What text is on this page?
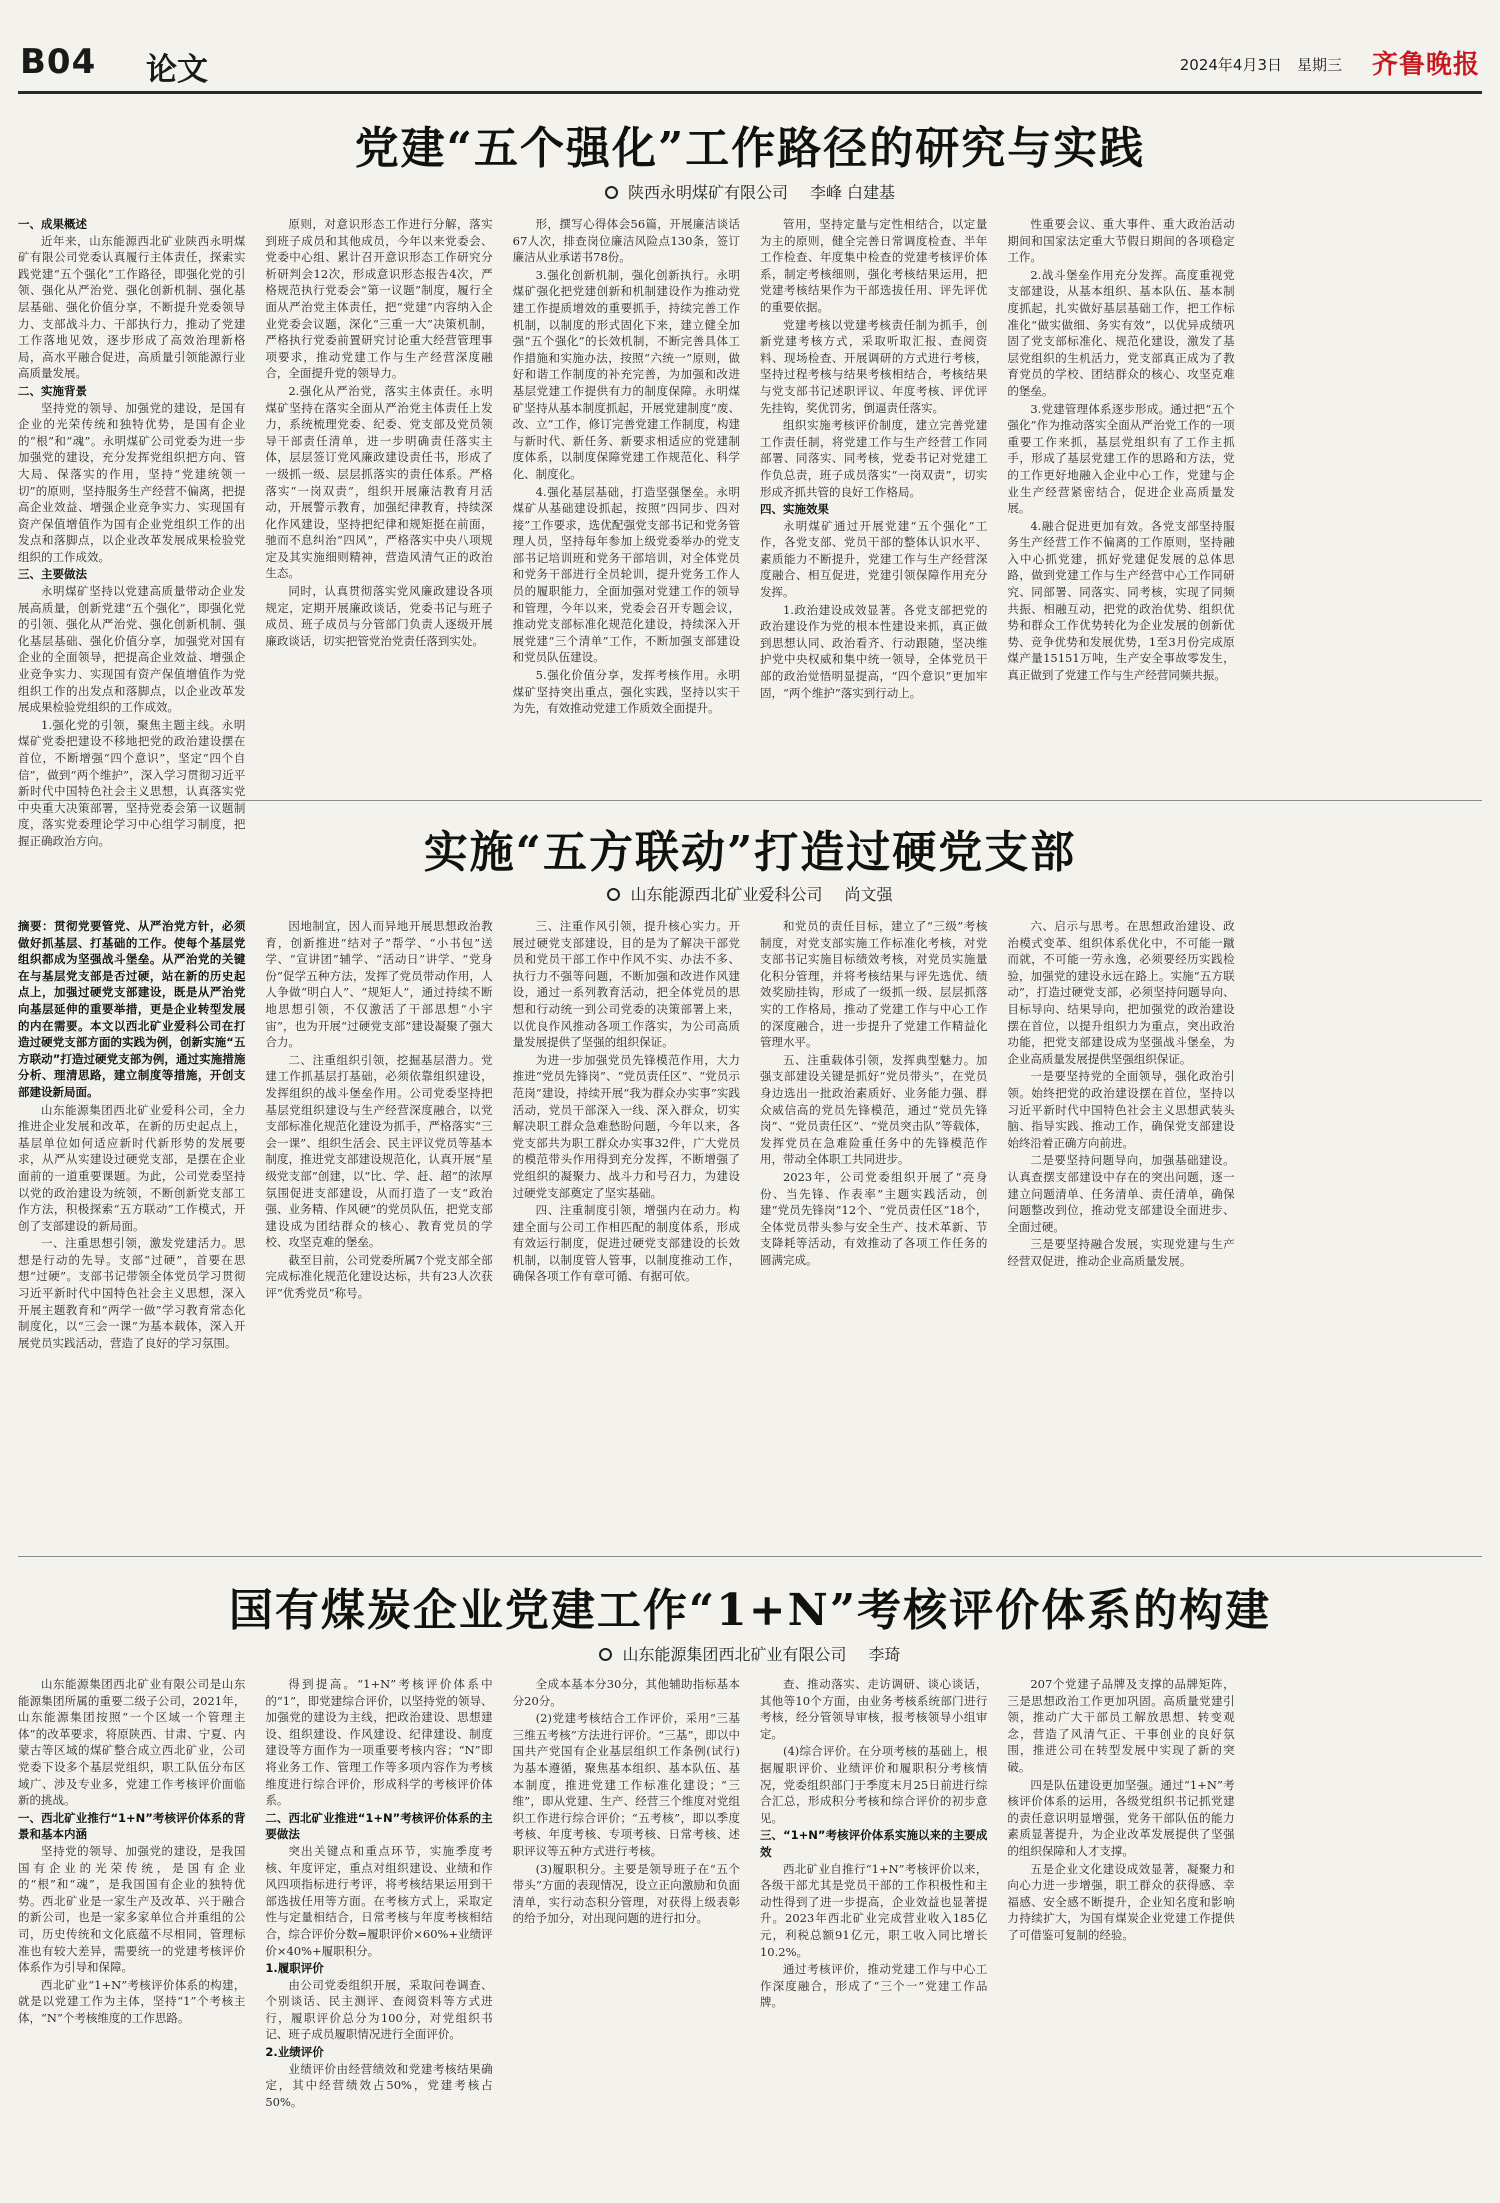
B04 论文	2024年4月3日 星期三 齐鲁晚报
党建“五个强化”工作路径的研究与实践
陕西永明煤矿有限公司 李峰 白建基
一、成果概述

近年来，山东能源西北矿业陕西永明煤矿有限公司党委认真履行主体责任，探索实践党建“五个强化”工作路径，即强化党的引领、强化从严治党、强化创新机制、强化基层基础、强化价值分享，不断提升党委领导力、支部战斗力、干部执行力，推动了党建工作落地见效，逐步形成了高效治理新格局，高水平融合促进，高质量引领能源行业高质量发展。

二、实施背景

坚持党的领导、加强党的建设，是国有企业的光荣传统和独特优势，是国有企业的“根”和“魂”。永明煤矿公司党委为进一步加强党的建设，充分发挥党组织把方向、管大局、保落实的作用，坚持“党建统领一切”的原则，坚持服务生产经营不偏离，把提高企业效益、增强企业竞争实力、实现国有资产保值增值作为国有企业党组织工作的出发点和落脚点，以企业改革发展成果检验党组织的工作成效。

三、主要做法

永明煤矿坚持以党建高质量带动企业发展高质量，创新党建“五个强化”，即强化党的引领、强化从严治党、强化创新机制、强化基层基础、强化价值分享，加强党对国有企业的全面领导，把提高企业效益、增强企业竞争实力、实现国有资产保值增值作为党组织工作的出发点和落脚点，以企业改革发展成果检验党组织的工作成效。

1.强化党的引领，聚焦主题主线。永明煤矿党委把建设不移地把党的政治建设摆在首位，不断增强“四个意识”，坚定“四个自信”，做到“两个维护”，深入学习贯彻习近平新时代中国特色社会主义思想，认真落实党中央重大决策部署，坚持党委会第一议题制度，落实党委理论学习中心组学习制度，把握正确政治方向。

原则，对意识形态工作进行分解，落实到班子成员和其他成员，今年以来党委会、党委中心组、累计召开意识形态工作研究分析研判会12次，形成意识形态报告4次，严格规范执行党委会“第一议题”制度，履行全面从严治党主体责任，把“党建”内容纳入企业党委会议题，深化“三重一大”决策机制，严格执行党委前置研究讨论重大经营管理事项要求，推动党建工作与生产经营深度融合，全面提升党的领导力。

2.强化从严治党，落实主体责任。永明煤矿坚持在落实全面从严治党主体责任上发力，系统梳理党委、纪委、党支部及党员领导干部责任清单，进一步明确责任落实主体，层层签订党风廉政建设责任书，形成了一级抓一级、层层抓落实的责任体系。严格落实“一岗双责”，组织开展廉洁教育月活动，开展警示教育，加强纪律教育，持续深化作风建设，坚持把纪律和规矩挺在前面，驰而不息纠治“四风”，严格落实中央八项规定及其实施细则精神，营造风清气正的政治生态。

同时，认真贯彻落实党风廉政建设各项规定，定期开展廉政谈话，党委书记与班子成员、班子成员与分管部门负责人逐级开展廉政谈话，切实把管党治党责任落到实处。

形，撰写心得体会56篇，开展廉洁谈话67人次，排查岗位廉洁风险点130条，签订廉洁从业承诺书78份。

3.强化创新机制，强化创新执行。永明煤矿强化把党建创新和机制建设作为推动党建工作提质增效的重要抓手，持续完善工作机制，以制度的形式固化下来，建立健全加强“五个强化”的长效机制，不断完善具体工作措施和实施办法，按照“六统一”原则，做好和谐工作制度的补充完善，为加强和改进基层党建工作提供有力的制度保障。永明煤矿坚持从基本制度抓起，开展党建制度“废、改、立”工作，修订完善党建工作制度，构建与新时代、新任务、新要求相适应的党建制度体系，以制度保障党建工作规范化、科学化、制度化。

4.强化基层基础，打造坚强堡垒。永明煤矿从基础建设抓起，按照“四同步、四对接”工作要求，选优配强党支部书记和党务管理人员，坚持每年参加上级党委举办的党支部书记培训班和党务干部培训，对全体党员和党务干部进行全员轮训，提升党务工作人员的履职能力，全面加强对党建工作的领导和管理，今年以来，党委会召开专题会议，推动党支部标准化规范化建设，持续深入开展党建“三个清单”工作，不断加强支部建设和党员队伍建设。

5.强化价值分享，发挥考核作用。永明煤矿坚持突出重点，强化实践，坚持以实干为先，有效推动党建工作质效全面提升。

管用，坚持定量与定性相结合，以定量为主的原则，健全完善日常调度检查、半年工作检查、年度集中检查的党建考核评价体系，制定考核细则，强化考核结果运用，把党建考核结果作为干部选拔任用、评先评优的重要依据。

党建考核以党建考核责任制为抓手，创新党建考核方式，采取听取汇报、查阅资料、现场检查、开展调研的方式进行考核，坚持过程考核与结果考核相结合，考核结果与党支部书记述职评议、年度考核、评优评先挂钩，奖优罚劣，倒逼责任落实。

组织实施考核评价制度，建立完善党建工作责任制，将党建工作与生产经营工作同部署、同落实、同考核，党委书记对党建工作负总责，班子成员落实“一岗双责”，切实形成齐抓共管的良好工作格局。

四、实施效果

永明煤矿通过开展党建“五个强化”工作，各党支部、党员干部的整体认识水平、素质能力不断提升，党建工作与生产经营深度融合、相互促进，党建引领保障作用充分发挥。

1.政治建设成效显著。各党支部把党的政治建设作为党的根本性建设来抓，真正做到思想认同、政治看齐、行动跟随，坚决维护党中央权威和集中统一领导，全体党员干部的政治觉悟明显提高，“四个意识”更加牢固，“两个维护”落实到行动上。

性重要会议、重大事件、重大政治活动期间和国家法定重大节假日期间的各项稳定工作。

2.战斗堡垒作用充分发挥。高度重视党支部建设，从基本组织、基本队伍、基本制度抓起，扎实做好基层基础工作，把工作标准化“做实做细、务实有效”，以优异成绩巩固了党支部标准化、规范化建设，激发了基层党组织的生机活力，党支部真正成为了教育党员的学校、团结群众的核心、攻坚克难的堡垒。

3.党建管理体系逐步形成。通过把“五个强化”作为推动落实全面从严治党工作的一项重要工作来抓，基层党组织有了工作主抓手，形成了基层党建工作的思路和方法，党的工作更好地融入企业中心工作，党建与企业生产经营紧密结合，促进企业高质量发展。

4.融合促进更加有效。各党支部坚持服务生产经营工作不偏离的工作原则，坚持融入中心抓党建，抓好党建促发展的总体思路，做到党建工作与生产经营中心工作同研究、同部署、同落实、同考核，实现了同频共振、相融互动，把党的政治优势、组织优势和群众工作优势转化为企业发展的创新优势、竞争优势和发展优势，1至3月份完成原煤产量15151万吨，生产安全事故零发生，真正做到了党建工作与生产经营同频共振。

实施“五方联动”打造过硬党支部
山东能源西北矿业爱科公司 尚文强

摘要：贯彻党要管党、从严治党方针，必须做好抓基层、打基础的工作。使每个基层党组织都成为坚强战斗堡垒。从严治党的关键在与基层党支部是否过硬，站在新的历史起点上，加强过硬党支部建设，既是从严治党向基层延伸的重要举措，更是企业转型发展的内在需要。本文以西北矿业爱科公司在打造过硬党支部方面的实践为例，创新实施“五方联动”打造过硬党支部为例，通过实施措施分析、理清思路，建立制度等措施，开创支部建设新局面。

山东能源集团西北矿业爱科公司，全力推进企业发展和改革，在新的历史起点上，基层单位如何适应新时代新形势的发展要求，从严从实建设过硬党支部，是摆在企业面前的一道重要课题。为此，公司党委坚持以党的政治建设为统领，不断创新党支部工作方法，积极探索“五方联动”工作模式，开创了支部建设的新局面。

一、注重思想引领，激发党建活力。思想是行动的先导。支部“过硬”，首要在思想“过硬”。支部书记带领全体党员学习贯彻习近平新时代中国特色社会主义思想，深入开展主题教育和“两学一做”学习教育常态化制度化，以“三会一课”为基本载体，深入开展党员实践活动，营造了良好的学习氛围。

因地制宜，因人而异地开展思想政治教育，创新推进“结对子”帮学、“小书包”送学、“宣讲团”辅学、“活动日”讲学、“党身份”促学五种方法，发挥了党员带动作用，人人争做“明白人”、“规矩人”，通过持续不断地思想引领，不仅激活了干部思想“小宇宙”，也为开展“过硬党支部”建设凝聚了强大合力。

二、注重组织引领，挖掘基层潜力。党建工作抓基层打基础，必须依靠组织建设，发挥组织的战斗堡垒作用。公司党委坚持把基层党组织建设与生产经营深度融合，以党支部标准化规范化建设为抓手，严格落实“三会一课”、组织生活会、民主评议党员等基本制度，推进党支部建设规范化，认真开展“星级党支部”创建，以“比、学、赶、超”的浓厚氛围促进支部建设，从而打造了一支“政治强、业务精、作风硬”的党员队伍，把党支部建设成为团结群众的核心、教育党员的学校、攻坚克难的堡垒。

截至目前，公司党委所属7个党支部全部完成标准化规范化建设达标，共有23人次获评“优秀党员”称号。

三、注重作风引领，提升核心实力。开展过硬党支部建设，目的是为了解决干部党员和党员干部工作中作风不实、办法不多、执行力不强等问题，不断加强和改进作风建设，通过一系列教育活动，把全体党员的思想和行动统一到公司党委的决策部署上来，以优良作风推动各项工作落实，为公司高质量发展提供了坚强的组织保证。

为进一步加强党员先锋模范作用，大力推进“党员先锋岗”、“党员责任区”、“党员示范岗”建设，持续开展“我为群众办实事”实践活动，党员干部深入一线、深入群众，切实解决职工群众急难愁盼问题，今年以来，各党支部共为职工群众办实事32件，广大党员的模范带头作用得到充分发挥，不断增强了党组织的凝聚力、战斗力和号召力，为建设过硬党支部奠定了坚实基础。

四、注重制度引领，增强内在动力。构建全面与公司工作相匹配的制度体系，形成有效运行制度，促进过硬党支部建设的长效机制，以制度管人管事，以制度推动工作，确保各项工作有章可循、有据可依。

和党员的责任目标，建立了“三级”考核制度，对党支部实施工作标准化考核，对党支部书记实施目标绩效考核，对党员实施量化积分管理，并将考核结果与评先选优、绩效奖励挂钩，形成了一级抓一级、层层抓落实的工作格局，推动了党建工作与中心工作的深度融合，进一步提升了党建工作精益化管理水平。

五、注重载体引领，发挥典型魅力。加强支部建设关键是抓好“党员带头”，在党员身边选出一批政治素质好、业务能力强、群众威信高的党员先锋模范，通过“党员先锋岗”、“党员责任区”、“党员突击队”等载体，发挥党员在急难险重任务中的先锋模范作用，带动全体职工共同进步。

2023年，公司党委组织开展了“亮身份、当先锋、作表率”主题实践活动，创建“党员先锋岗”12个、“党员责任区”18个，全体党员带头参与安全生产、技术革新、节支降耗等活动，有效推动了各项工作任务的圆满完成。

六、启示与思考。在思想政治建设、政治模式变革、组织体系优化中，不可能一蹴而就，不可能一劳永逸，必须要经历实践检验，加强党的建设永远在路上。实施“五方联动”，打造过硬党支部，必须坚持问题导向、目标导向、结果导向，把加强党的政治建设摆在首位，以提升组织力为重点，突出政治功能，把党支部建设成为坚强战斗堡垒，为企业高质量发展提供坚强组织保证。

一是要坚持党的全面领导，强化政治引领。始终把党的政治建设摆在首位，坚持以习近平新时代中国特色社会主义思想武装头脑、指导实践、推动工作，确保党支部建设始终沿着正确方向前进。

二是要坚持问题导向，加强基础建设。认真查摆支部建设中存在的突出问题，逐一建立问题清单、任务清单、责任清单，确保问题整改到位，推动党支部建设全面进步、全面过硬。

三是要坚持融合发展，实现党建与生产经营双促进，推动企业高质量发展。

国有煤炭企业党建工作“1+N”考核评价体系的构建
山东能源集团西北矿业有限公司 李琦

山东能源集团西北矿业有限公司是山东能源集团所属的重要二级子公司，2021年，山东能源集团按照“一个区域一个管理主体”的改革要求，将原陕西、甘肃、宁夏、内蒙古等区域的煤矿整合成立西北矿业，公司党委下设多个基层党组织，职工队伍分布区域广、涉及专业多，党建工作考核评价面临新的挑战。

一、西北矿业推行“1+N”考核评价体系的背景和基本内涵

坚持党的领导、加强党的建设，是我国国有企业的光荣传统，是国有企业的“根”和“魂”，是我国国有企业的独特优势。西北矿业是一家生产及改革、兴于融合的新公司，也是一家多家单位合并重组的公司，历史传统和文化底蕴不尽相同，管理标准也有较大差异，需要统一的党建考核评价体系作为引导和保障。

西北矿业“1+N”考核评价体系的构建，就是以党建工作为主体，坚持“1”个考核主体，“N”个考核维度的工作思路。

得到提高。“1+N”考核评价体系中的“1”，即党建综合评价，以坚持党的领导、加强党的建设为主线，把政治建设、思想建设、组织建设、作风建设、纪律建设、制度建设等方面作为一项重要考核内容；“N”即将业务工作、管理工作等多项内容作为考核维度进行综合评价，形成科学的考核评价体系。

二、西北矿业推进“1+N”考核评价体系的主要做法

突出关键点和重点环节，实施季度考核、年度评定，重点对组织建设、业绩和作风四项指标进行考评，将考核结果运用到干部选拔任用等方面。在考核方式上，采取定性与定量相结合，日常考核与年度考核相结合，综合评价分数=履职评价×60%+业绩评价×40%+履职积分。

1.履职评价

由公司党委组织开展，采取问卷调查、个别谈话、民主测评、查阅资料等方式进行，履职评价总分为100分，对党组织书记、班子成员履职情况进行全面评价。

2.业绩评价

业绩评价由经营绩效和党建考核结果确定，其中经营绩效占50%，党建考核占50%。

全成本基本分30分，其他辅助指标基本分20分。

(2)党建考核结合工作评价，采用“三基三维五考核”方法进行评价。“三基”，即以中国共产党国有企业基层组织工作条例(试行)为基本遵循，聚焦基本组织、基本队伍、基本制度，推进党建工作标准化建设；“三维”，即从党建、生产、经营三个维度对党组织工作进行综合评价；“五考核”，即以季度考核、年度考核、专项考核、日常考核、述职评议等五种方式进行考核。

(3)履职积分。主要是领导班子在“五个带头”方面的表现情况，设立正向激励和负面清单，实行动态积分管理，对获得上级表彰的给予加分，对出现问题的进行扣分。

查、推动落实、走访调研、谈心谈话，其他等10个方面，由业务考核系统部门进行考核，经分管领导审核，报考核领导小组审定。

(4)综合评价。在分项考核的基础上，根据履职评价、业绩评价和履职积分考核情况，党委组织部门于季度末月25日前进行综合汇总，形成积分考核和综合评价的初步意见。

三、“1+N”考核评价体系实施以来的主要成效

西北矿业自推行“1+N”考核评价以来，各级干部尤其是党员干部的工作积极性和主动性得到了进一步提高，企业效益也显著提升。2023年西北矿业完成营业收入185亿元，利税总额91亿元，职工收入同比增长10.2%。

通过考核评价，推动党建工作与中心工作深度融合，形成了“三个一”党建工作品牌。

207个党建子品牌及支撑的品牌矩阵，三是思想政治工作更加巩固。高质量党建引领，推动广大干部员工解放思想、转变观念，营造了风清气正、干事创业的良好氛围，推进公司在转型发展中实现了新的突破。

四是队伍建设更加坚强。通过“1+N”考核评价体系的运用，各级党组织书记抓党建的责任意识明显增强，党务干部队伍的能力素质显著提升，为企业改革发展提供了坚强的组织保障和人才支撑。

五是企业文化建设成效显著，凝聚力和向心力进一步增强，职工群众的获得感、幸福感、安全感不断提升，企业知名度和影响力持续扩大，为国有煤炭企业党建工作提供了可借鉴可复制的经验。
